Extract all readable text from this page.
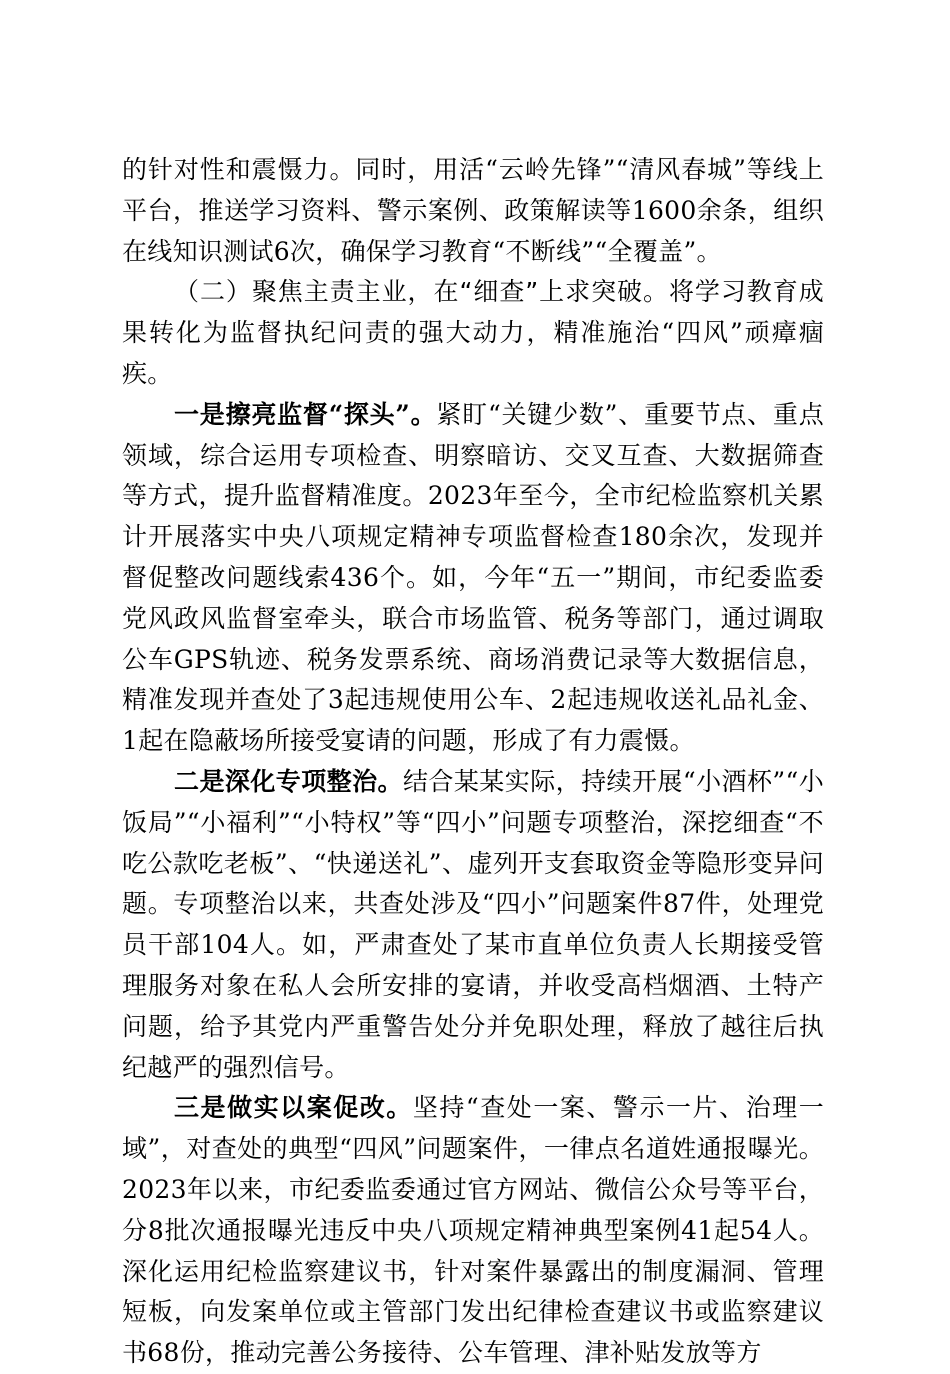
的针对性和震慑力。同时，用活“云岭先锋”“清风春城”等线上平台，推送学习资料、警示案例、政策解读等1600余条，组织在线知识测试6次，确保学习教育“不断线”“全覆盖”。

（二）聚焦主责主业，在“细查”上求突破。将学习教育成果转化为监督执纪问责的强大动力，精准施治“四风”顽瘴痼疾。

一是擦亮监督“探头”。紧盯“关键少数”、重要节点、重点领域，综合运用专项检查、明察暗访、交叉互查、大数据筛查等方式，提升监督精准度。2023年至今，全市纪检监察机关累计开展落实中央八项规定精神专项监督检查180余次，发现并督促整改问题线索436个。如，今年“五一”期间，市纪委监委党风政风监督室牵头，联合市场监管、税务等部门，通过调取公车GPS轨迹、税务发票系统、商场消费记录等大数据信息，精准发现并查处了3起违规使用公车、2起违规收送礼品礼金、1起在隐蔽场所接受宴请的问题，形成了有力震慑。

二是深化专项整治。结合某某实际，持续开展“小酒杯”“小饭局”“小福利”“小特权”等“四小”问题专项整治，深挖细查“不吃公款吃老板”、“快递送礼”、虚列开支套取资金等隐形变异问题。专项整治以来，共查处涉及“四小”问题案件87件，处理党员干部104人。如，严肃查处了某市直单位负责人长期接受管理服务对象在私人会所安排的宴请，并收受高档烟酒、土特产问题，给予其党内严重警告处分并免职处理，释放了越往后执纪越严的强烈信号。

三是做实以案促改。坚持“查处一案、警示一片、治理一域”，对查处的典型“四风”问题案件，一律点名道姓通报曝光。2023年以来，市纪委监委通过官方网站、微信公众号等平台，分8批次通报曝光违反中央八项规定精神典型案例41起54人。深化运用纪检监察建议书，针对案件暴露出的制度漏洞、管理短板，向发案单位或主管部门发出纪律检查建议书或监察建议书68份，推动完善公务接待、公车管理、津补贴发放等方
